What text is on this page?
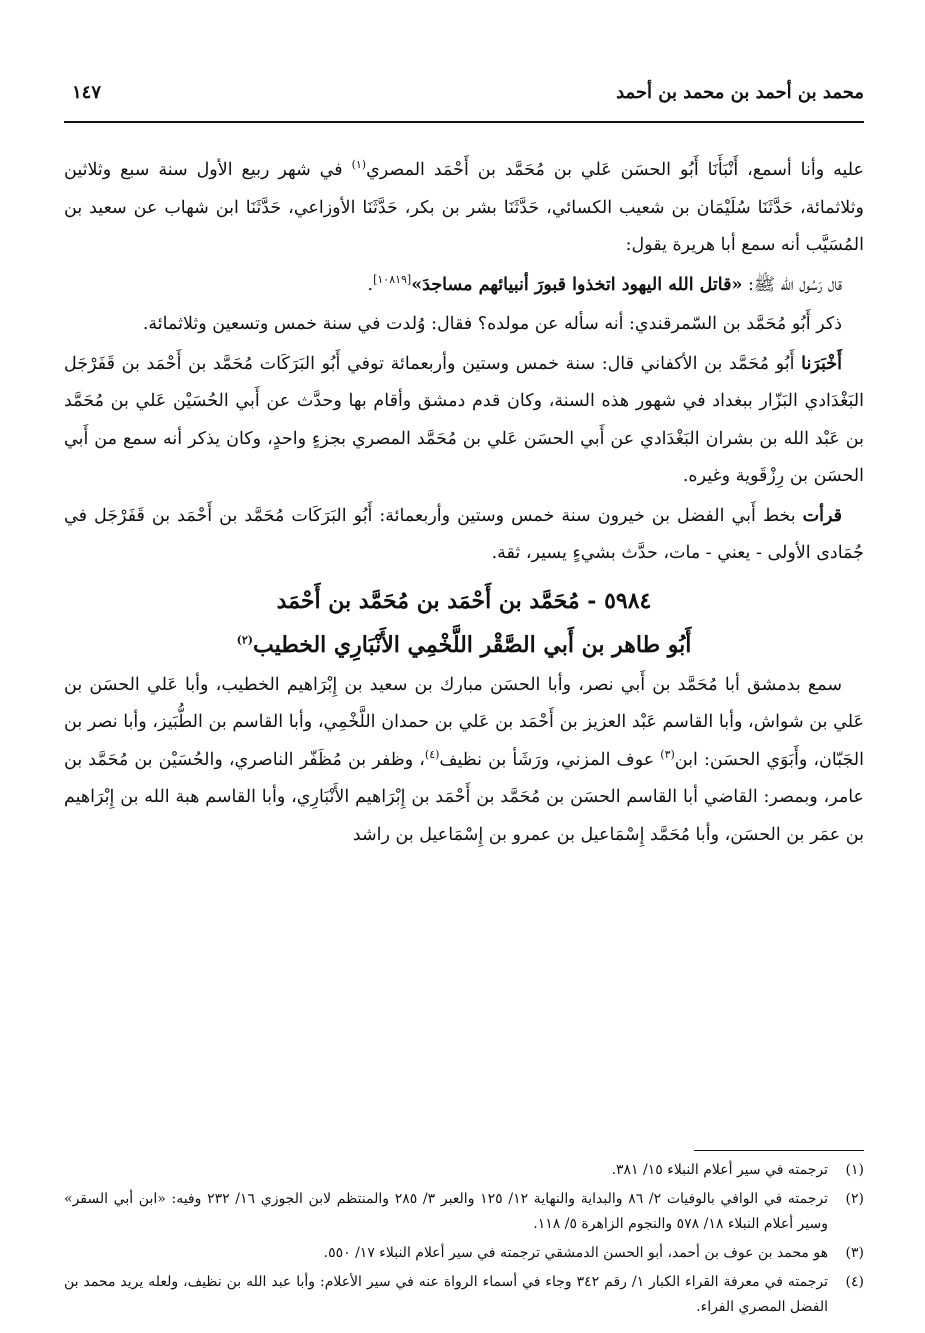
محمد بن أحمد بن محمد بن أحمد
١٤٧

عليه وأنا أسمع، أَنْبَأَنَا أَبُو الحسَن عَلي بن مُحَمَّد بن أَحْمَد المصري$^{(١)}$ في شهر ربيع الأول سنة سبع وثلاثين وثلاثمائة، حَدَّثَنَا سُلَيْمَان بن شعيب الكسائي، حَدَّثَنَا بشر بن بكر، حَدَّثَنَا الأوزاعي، حَدَّثَنَا ابن شهاب عن سعيد بن المُسَيَّب أنه سمع أبا هريرة يقول:

قال رَسُول الله ﷺ: «قاتل الله اليهود اتخذوا قبورَ أنبيائهم مساجدَ»[١٠٨١٩].

ذكر أَبُو مُحَمَّد بن السّمرقندي: أنه سأله عن مولده؟ فقال: وُلدت في سنة خمس وتسعين وثلاثمائة.

أَخْبَرَنا أَبُو مُحَمَّد بن الأكفاني قال: سنة خمس وستين وأربعمائة توفي أَبُو البَرَكَات مُحَمَّد بن أَحْمَد بن قَفَرْجَل البَغْدَادي البَزّار ببغداد في شهور هذه السنة، وكان قدم دمشق وأقام بها وحدَّث عن أَبي الحُسَيْن عَلي بن مُحَمَّد بن عَبْد الله بن بشران البَغْدَادي عن أَبي الحسَن عَلي بن مُحَمَّد المصري بجزءٍ واحدٍ، وكان يذكر أنه سمع من أَبي الحسَن بن رِزْقَوية وغيره.

قرأت بخط أَبي الفضل بن خيرون سنة خمس وستين وأربعمائة: أَبُو البَرَكَات مُحَمَّد بن أَحْمَد بن قَفَرْجَل في جُمَادى الأولى - يعني - مات، حدَّث بشيءٍ يسير، ثقة.

٥٩٨٤ - مُحَمَّد بن أَحْمَد بن مُحَمَّد بن أَحْمَد
أَبُو طاهر بن أَبي الصَّقْر اللَّخْمِي الأَنْبَارِي الخطيب$^{(٢)}$

سمع بدمشق أبا مُحَمَّد بن أَبي نصر، وأبا الحسَن مبارك بن سعيد بن إِبْرَاهيم الخطيب، وأبا عَلي الحسَن بن عَلي بن شواش، وأبا القاسم عَبْد العزيز بن أَحْمَد بن عَلي بن حمدان اللَّخْمِي، وأبا القاسم بن الطُّبَيز، وأبا نصر بن الجَبّان، وأَبَوَي الحسَن: ابن$^{(٣)}$ عوف المزني، ورَشَأ بن نظيف$^{(٤)}$، وظفر بن مُظَفّر الناصري، والحُسَيْن بن مُحَمَّد بن عامر، وبمصر: القاضي أبا القاسم الحسَن بن مُحَمَّد بن أَحْمَد بن إِبْرَاهيم الأَنْبَارِي، وأبا القاسم هبة الله بن إِبْرَاهيم بن عمَر بن الحسَن، وأبا مُحَمَّد إِسْمَاعيل بن عمرو بن إِسْمَاعيل بن راشد

(١)
ترجمته في سير أعلام النبلاء ١٥/ ٣٨١.
(٢)
ترجمته في الوافي بالوفيات ٢/ ٨٦ والبداية والنهاية ١٢/ ١٢٥ والعبر ٣/ ٢٨٥ والمنتظم لابن الجوزي ١٦/ ٢٣٢ وفيه: «ابن أبي السقر» وسير أعلام النبلاء ١٨/ ٥٧٨ والنجوم الزاهرة ٥/ ١١٨.
(٣)
هو محمد بن عوف بن أحمد، أبو الحسن الدمشقي ترجمته في سير أعلام النبلاء ١٧/ ٥٥٠.
(٤)
ترجمته في معرفة القراء الكبار ١/ رقم ٣٤٢ وجاء في أسماء الرواة عنه في سير الأعلام: وأبا عبد الله بن نظيف، ولعله يريد محمد بن الفضل المصري الفراء.
